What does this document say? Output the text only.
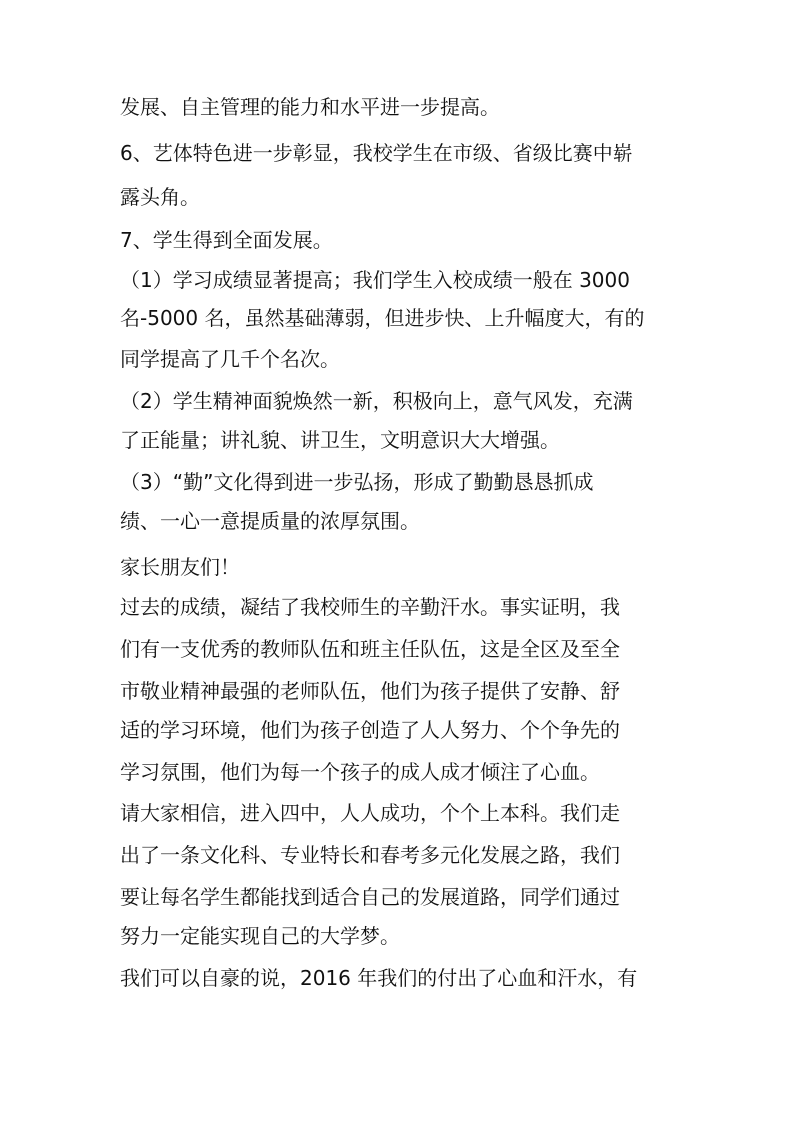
发展、自主管理的能力和水平进一步提高。

6、艺体特色进一步彰显，我校学生在市级、省级比赛中崭

露头角。

7、学生得到全面发展。

（1）学习成绩显著提高；我们学生入校成绩一般在 3000

名-5000 名，虽然基础薄弱，但进步快、上升幅度大，有的

同学提高了几千个名次。

（2）学生精神面貌焕然一新，积极向上，意气风发，充满

了正能量；讲礼貌、讲卫生，文明意识大大增强。

（3）“勤”文化得到进一步弘扬，形成了勤勤恳恳抓成

绩、一心一意提质量的浓厚氛围。

家长朋友们！

过去的成绩，凝结了我校师生的辛勤汗水。事实证明，我

们有一支优秀的教师队伍和班主任队伍，这是全区及至全

市敬业精神最强的老师队伍，他们为孩子提供了安静、舒

适的学习环境，他们为孩子创造了人人努力、个个争先的

学习氛围，他们为每一个孩子的成人成才倾注了心血。

请大家相信，进入四中，人人成功，个个上本科。我们走

出了一条文化科、专业特长和春考多元化发展之路，我们

要让每名学生都能找到适合自己的发展道路，同学们通过

努力一定能实现自己的大学梦。

我们可以自豪的说，2016 年我们的付出了心血和汗水，有
